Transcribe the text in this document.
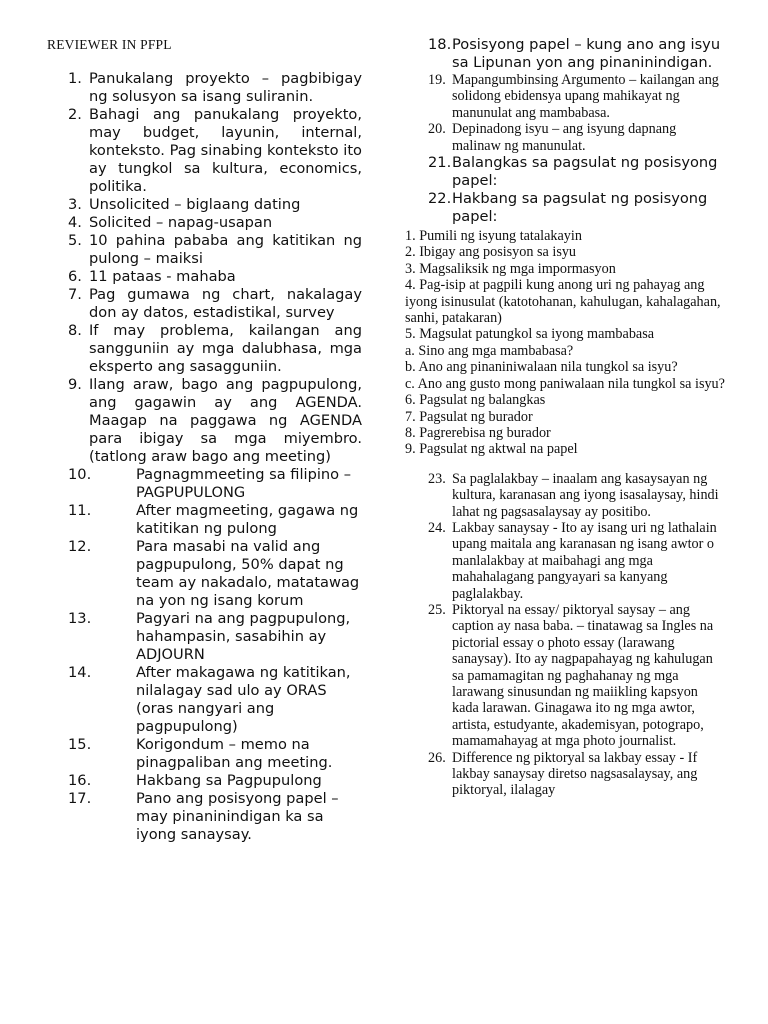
REVIEWER IN PFPL
1. Panukalang proyekto – pagbibigay ng solusyon sa isang suliranin.
2. Bahagi ang panukalang proyekto, may budget, layunin, internal, konteksto. Pag sinabing konteksto ito ay tungkol sa kultura, economics, politika.
3. Unsolicited – biglaang dating
4. Solicited – napag-usapan
5. 10 pahina pababa ang katitikan ng pulong – maiksi
6. 11 pataas - mahaba
7. Pag gumawa ng chart, nakalagay don ay datos, estadistikal, survey
8. If may problema, kailangan ang sangguniin ay mga dalubhasa, mga eksperto ang sasagguniin.
9. Ilang araw, bago ang pagpupulong, ang gagawin ay ang AGENDA. Maagap na paggawa ng AGENDA para ibigay sa mga miyembro. (tatlong araw bago ang meeting)
10.	Pagnagmmeeting sa filipino – PAGPUPULONG
11.	After magmeeting, gagawa ng katitikan ng pulong
12.	Para masabi na valid ang pagpupulong, 50% dapat ng team ay nakadalo, matatawag na yon ng isang korum
13.	Pagyari na ang pagpupulong, hahampasin, sasabihin ay ADJOURN
14.	After makagawa ng katitikan, nilalagay sad ulo ay ORAS (oras nangyari ang pagpupulong)
15.	Korigondum – memo na pinagpaliban ang meeting.
16.	Hakbang sa Pagpupulong
17.	Pano ang posisyong papel – may pinaninindigan ka sa iyong sanaysay.
18. Posisyong papel – kung ano ang isyu sa Lipunan yon ang pinaninindigan.
19. Mapangumbinsing Argumento – kailangan ang solidong ebidensya upang mahikayat ng manunulat ang mambabasa.
20. Depinadong isyu – ang isyung dapnang malinaw ng manunulat.
21. Balangkas sa pagsulat ng posisyong papel:
22. Hakbang sa pagsulat ng posisyong papel:
1. Pumili ng isyung tatalakayin
2. Ibigay ang posisyon sa isyu
3. Magsaliksik ng mga impormasyon
4. Pag-isip at pagpili kung anong uri ng pahayag ang iyong isinusulat (katotohanan, kahulugan, kahalagahan, sanhi, patakaran)
5. Magsulat patungkol sa iyong mambabasa
a. Sino ang mga mambabasa?
b. Ano ang pinaniniwalaan nila tungkol sa isyu?
c. Ano ang gusto mong paniwalaan nila tungkol sa isyu?
6. Pagsulat ng balangkas
7. Pagsulat ng burador
8. Pagrerebisa ng burador
9. Pagsulat ng aktwal na papel
23. Sa paglalakbay – inaalam ang kasaysayan ng kultura, karanasan ang iyong isasalaysay, hindi lahat ng pagsasalaysay ay positibo.
24. Lakbay sanaysay - Ito ay isang uri ng lathalain upang maitala ang karanasan ng isang awtor o manlalakbay at maibahagi ang mga mahahalagang pangyayari sa kanyang paglalakbay.
25. Piktoryal na essay/ piktoryal saysay – ang caption ay nasa baba. – tinatawag sa Ingles na pictorial essay o photo essay (larawang sanaysay). Ito ay nagpapahayag ng kahulugan sa pamamagitan ng paghahanay ng mga larawang sinusundan ng maiikling kapsyon kada larawan. Ginagawa ito ng mga awtor, artista, estudyante, akademisyan, potograpo, mamamahayag at mga photo journalist.
26. Difference ng piktoryal sa lakbay essay - If lakbay sanaysay diretso nagsasalaysay, ang piktoryal, ilalagay
